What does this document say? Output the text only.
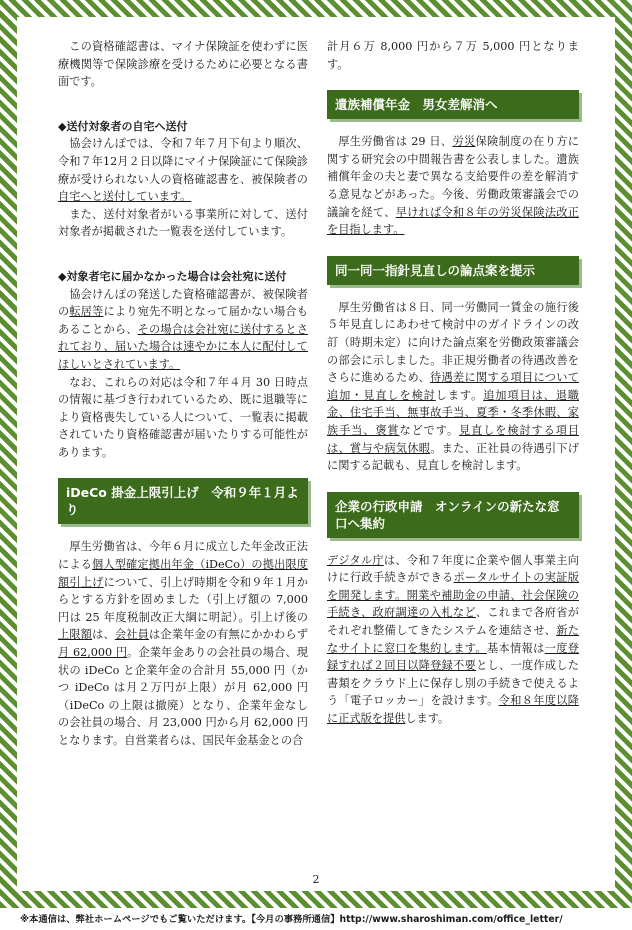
この資格確認書は、マイナ保険証を使わずに医療機関等で保険診療を受けるために必要となる書面です。

◆送付対象者の自宅へ送付

協会けんぽでは、令和７年７月下旬より順次、令和７年12月２日以降にマイナ保険証にて保険診療が受けられない人の資格確認書を、被保険者の自宅へと送付しています。

また、送付対象者がいる事業所に対して、送付対象者が掲載された一覧表を送付しています。

◆対象者宅に届かなかった場合は会社宛に送付

協会けんぽの発送した資格確認書が、被保険者の転居等により宛先不明となって届かない場合もあることから、その場合は会社宛に送付するとされており、届いた場合は速やかに本人に配付してほしいとされています。

なお、これらの対応は令和７年４月 30 日時点の情報に基づき行われているため、既に退職等により資格喪失している人について、一覧表に掲載されていたり資格確認書が届いたりする可能性があります。

iDeCo 掛金上限引上げ　令和９年１月より

厚生労働省は、今年６月に成立した年金改正法による個人型確定拠出年金（iDeCo）の拠出限度額引上げについて、引上げ時期を令和９年１月からとする方針を固めました（引上げ額の 7,000 円は 25 年度税制改正大綱に明記）。引上げ後の上限額は、会社員は企業年金の有無にかかわらず月 62,000 円。企業年金ありの会社員の場合、現状の iDeCo と企業年金の合計月 55,000 円（かつ iDeCo は月２万円が上限）が月 62,000 円（iDeCo の上限は撤廃）となり、企業年金なしの会社員の場合、月 23,000 円から月 62,000 円となります。自営業者らは、国民年金基金との合

計月６万 8,000 円から７万 5,000 円となります。

遺族補償年金　男女差解消へ

厚生労働省は 29 日、労災保険制度の在り方に関する研究会の中間報告書を公表しました。遺族補償年金の夫と妻で異なる支給要件の差を解消する意見などがあった。今後、労働政策審議会での議論を経て、早ければ令和８年の労災保険法改正を目指します。

同一同一指針見直しの論点案を提示

厚生労働省は８日、同一労働同一賃金の施行後５年見直しにあわせて検討中のガイドラインの改訂（時期未定）に向けた論点案を労働政策審議会の部会に示しました。非正規労働者の待遇改善をさらに進めるため、待遇差に関する項目について追加・見直しを検討します。追加項目は、退職金、住宅手当、無事故手当、夏季・冬季休暇、家族手当、褒賞などです。見直しを検討する項目は、賞与や病気休暇。また、正社員の待遇引下げに関する記載も、見直しを検討します。

企業の行政申請　オンラインの新たな窓口へ集約

デジタル庁は、令和７年度に企業や個人事業主向けに行政手続きができるポータルサイトの実証版を開発します。開業や補助金の申請、社会保険の手続き、政府調達の入札など、これまで各府省がそれぞれ整備してきたシステムを連結させ、新たなサイトに窓口を集約します。基本情報は一度登録すれば２回目以降登録不要とし、一度作成した書類をクラウド上に保存し別の手続きで使えるよう「電子ロッカー」を設けます。令和８年度以降に正式版を提供します。

2
※本通信は、弊社ホームページでもご覧いただけます。【今月の事務所通信】http://www.sharoshiman.com/office_letter/
